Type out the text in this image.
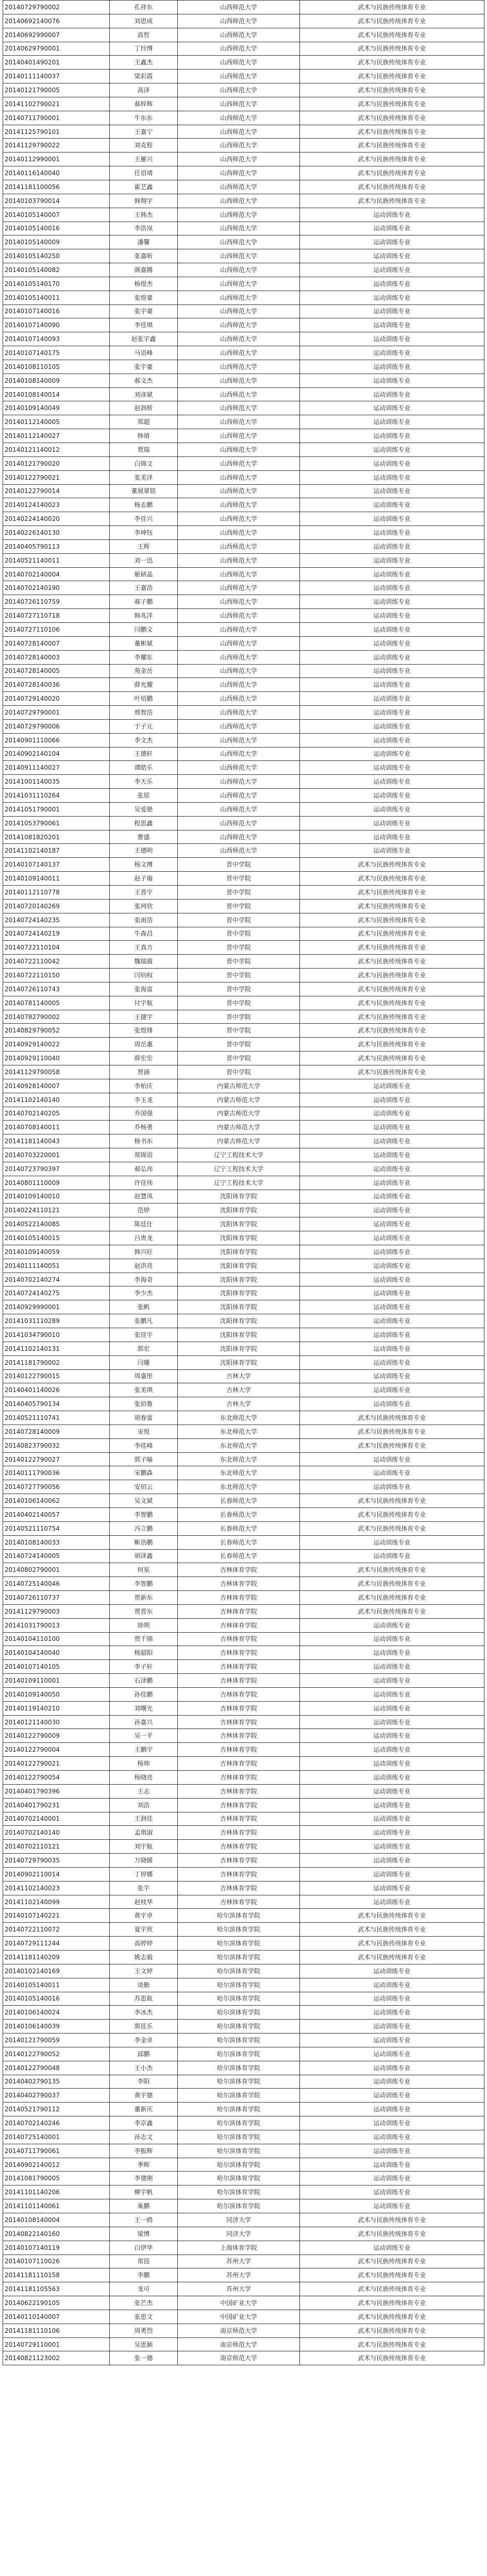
20140729790002	孔祥东	山西师范大学	武术与民族传统体育专业
20140692140076	刘思成	山西师范大学	武术与民族传统体育专业
20140692990007	高哲	山西师范大学	武术与民族传统体育专业
20140629790001	丁玲博	山西师范大学	武术与民族传统体育专业
20140401490201	王鑫杰	山西师范大学	武术与民族传统体育专业
20140111140037	梁彩霞	山西师范大学	武术与民族传统体育专业
20140121790005	高泽	山西师范大学	武术与民族传统体育专业
20141102790021	郝梓辉	山西师范大学	武术与民族传统体育专业
20140711790001	牛东东	山西师范大学	武术与民族传统体育专业
20141125790101	王嘉宁	山西师范大学	武术与民族传统体育专业
20141129790022	刘克程	山西师范大学	武术与民族传统体育专业
20140112990001	王雁兴	山西师范大学	武术与民族传统体育专业
20140116140040	任语靖	山西师范大学	武术与民族传统体育专业
20141181100056	霍艺鑫	山西师范大学	武术与民族传统体育专业
20140103790014	韩翔宇	山西师范大学	武术与民族传统体育专业
20140105140007	王韩杰	山西师范大学	运动训练专业
20140105140016	李浩岚	山西师范大学	运动训练专业
20140105140009	潘馨	山西师范大学	运动训练专业
20140105140250	张嘉昕	山西师范大学	运动训练专业
20140105140082	颜嘉腾	山西师范大学	运动训练专业
20140105140170	杨煜杰	山西师范大学	运动训练专业
20140105140011	张煜豪	山西师范大学	运动训练专业
20140107140016	张宇豪	山西师范大学	运动训练专业
20140107140090	李佳琪	山西师范大学	运动训练专业
20140107140093	赵张宇鑫	山西师范大学	运动训练专业
20140107140175	马语峰	山西师范大学	运动训练专业
20140108110105	张宇豪	山西师范大学	运动训练专业
20140108140009	郝文杰	山西师范大学	运动训练专业
20140108140014	刘彦斌	山西师范大学	运动训练专业
20140109140049	赵润桥	山西师范大学	运动训练专业
20140112140005	郑超	山西师范大学	运动训练专业
20140112140027	韩倩	山西师范大学	运动训练专业
20140121140012	贾瑞	山西师范大学	运动训练专业
20140121790020	白锦文	山西师范大学	运动训练专业
20140122790021	张美泽	山西师范大学	运动训练专业
20140122790014	董展翠铭	山西师范大学	运动训练专业
20140124140023	杨志鹏	山西师范大学	运动训练专业
20140224140020	李佳兴	山西师范大学	运动训练专业
20140226140130	李坤钰	山西师范大学	运动训练专业
20140405790113	王辉	山西师范大学	运动训练专业
20140521140011	刘一迅	山西师范大学	运动训练专业
20140702140004	姬研晶	山西师范大学	运动训练专业
20140702140190	王嘉浩	山西师范大学	运动训练专业
20140726110759	郝子鹏	山西师范大学	运动训练专业
20140727110718	韩兆洋	山西师范大学	运动训练专业
20140727110106	闫鹏文	山西师范大学	运动训练专业
20140728140007	董彬斌	山西师范大学	运动训练专业
20140728140003	李耀东	山西师范大学	运动训练专业
20140728140005	苑金岳	山西师范大学	运动训练专业
20140728140036	薛允耀	山西师范大学	运动训练专业
20140729140020	叶培鹏	山西师范大学	运动训练专业
20140729790001	邢智浩	山西师范大学	运动训练专业
20140729790006	于子元	山西师范大学	运动训练专业
20140901110066	李文杰	山西师范大学	运动训练专业
20140902140104	王德轩	山西师范大学	运动训练专业
20140911140027	谭皓乐	山西师范大学	运动训练专业
20141001140035	李天乐	山西师范大学	运动训练专业
20141031110264	张原	山西师范大学	运动训练专业
20141051790001	吴爱艳	山西师范大学	运动训练专业
20141053790061	程思鑫	山西师范大学	运动训练专业
20141081820201	曹盛	山西师范大学	运动训练专业
20141102140187	王德明	山西师范大学	运动训练专业
20140107140137	杨文博	晋中学院	武术与民族传统体育专业
20140109140011	赵子瑜	晋中学院	武术与民族传统体育专业
20140112110778	王晋宇	晋中学院	武术与民族传统体育专业
20140720140269	张珂欣	晋中学院	武术与民族传统体育专业
20140724140235	张雨浩	晋中学院	武术与民族传统体育专业
20140724140219	牛森昌	晋中学院	武术与民族传统体育专业
20140722110104	王真方	晋中学院	武术与民族传统体育专业
20140722110042	魏瑞震	晋中学院	武术与民族传统体育专业
20140722110150	闫钧权	晋中学院	武术与民族传统体育专业
20140726110743	张海富	晋中学院	武术与民族传统体育专业
20140781140005	付宇航	晋中学院	武术与民族传统体育专业
20140782790002	王捷宇	晋中学院	武术与民族传统体育专业
20140829790052	张煜烽	晋中学院	武术与民族传统体育专业
20140929140022	周岳惠	晋中学院	武术与民族传统体育专业
20140929110040	薛宏宏	晋中学院	武术与民族传统体育专业
20141129790058	贾涵	晋中学院	武术与民族传统体育专业
20140928140007	李柏庆	内蒙古师范大学	运动训练专业
20141102140140	李玉龙	内蒙古师范大学	运动训练专业
20140702140205	乔国强	内蒙古师范大学	运动训练专业
20140708140011	乔杨勇	内蒙古师范大学	运动训练专业
20141181140043	杨书东	内蒙古师范大学	运动训练专业
20140703220001	郑锦语	辽宁工程技术大学	运动训练专业
20140723790397	郝弘伟	辽宁工程技术大学	运动训练专业
20140801110009	许佳伟	辽宁工程技术大学	运动训练专业
20140109140010	赵慧凤	沈阳体育学院	运动训练专业
20140224110121	范婷	沈阳体育学院	运动训练专业
20140522140085	陈廷仕	沈阳体育学院	运动训练专业
20140105140015	吕贵龙	沈阳体育学院	运动训练专业
20140109140059	韩兴旺	沈阳体育学院	运动训练专业
20140111140051	赵洪亮	沈阳体育学院	运动训练专业
20140702140274	李海奇	沈阳体育学院	运动训练专业
20140724140275	李少杰	沈阳体育学院	运动训练专业
20140929990001	张帆	沈阳体育学院	运动训练专业
20141031110289	张鹏凡	沈阳体育学院	运动训练专业
20141034790010	张佳宇	沈阳体育学院	运动训练专业
20141102140131	郭宏	沈阳体育学院	运动训练专业
20141181790002	闫珊	沈阳体育学院	运动训练专业
20140122790015	周嘉彤	吉林大学	运动训练专业
20140401140026	张美琪	吉林大学	运动训练专业
20140405790134	张佰鲁	吉林大学	运动训练专业
20140521110741	胡春雷	东北师范大学	武术与民族传统体育专业
20140728140009	宋悦	东北师范大学	武术与民族传统体育专业
20140823790032	李佳峰	东北师范大学	武术与民族传统体育专业
20140122790027	郭子喻	东北师范大学	运动训练专业
20140111790036	宋鹏森	东北师范大学	运动训练专业
20140727790056	安佰云	东北师范大学	运动训练专业
20140106140062	吴文斌	长春师范大学	武术与民族传统体育专业
20140402140057	李智鹏	长春师范大学	武术与民族传统体育专业
20140521110754	冯立鹏	长春师范大学	武术与民族传统体育专业
20140108140033	靳浩鹏	长春师范大学	运动训练专业
20140724140005	胡泽鑫	长春师范大学	运动训练专业
20140802790001	何星	吉林体育学院	武术与民族传统体育专业
20140725140046	李智鹏	吉林体育学院	武术与民族传统体育专业
20140726110737	贾新东	吉林体育学院	武术与民族传统体育专业
20141129790003	贾晋东	吉林体育学院	武术与民族传统体育专业
20141031790013	徐朔	吉林体育学院	运动训练专业
20140104110100	贾千锦	吉林体育学院	运动训练专业
20140104140040	杨韶阳	吉林体育学院	运动训练专业
20140107140105	李子轩	吉林体育学院	运动训练专业
20140109110001	石泽鹏	吉林体育学院	运动训练专业
20140109140050	孙佳鹏	吉林体育学院	运动训练专业
20140119140210	刘曙光	吉林体育学院	运动训练专业
20140121140030	孙嘉兴	吉林体育学院	运动训练专业
20140122790009	吴一平	吉林体育学院	运动训练专业
20140122790004	王鹏宇	吉林体育学院	运动训练专业
20140122790021	杨帅	吉林体育学院	运动训练专业
20140122790054	杨晓亮	吉林体育学院	运动训练专业
20140401790396	王志	吉林体育学院	运动训练专业
20140401790231	刘浩	吉林体育学院	运动训练专业
20140702140001	王润佳	吉林体育学院	运动训练专业
20140702140140	孟琪淑	吉林体育学院	运动训练专业
20140702110121	刘宇航	吉林体育学院	运动训练专业
20140729790035	万晓媛	吉林体育学院	运动训练专业
20140902110014	丁停娜	吉林体育学院	运动训练专业
20141102140023	张宇	吉林体育学院	运动训练专业
20141102140099	赵枝华	吉林体育学院	运动训练专业
20140107140221	黄宇卓	哈尔滨体育学院	武术与民族传统体育专业
20140722110072	夏宇欣	哈尔滨体育学院	武术与民族传统体育专业
20140729111244	高婷婷	哈尔滨体育学院	武术与民族传统体育专业
20141181140209	姚志毅	哈尔滨体育学院	武术与民族传统体育专业
20140102140169	王文婷	哈尔滨体育学院	运动训练专业
20140105140011	谈勤	哈尔滨体育学院	运动训练专业
20140105140016	苏思航	哈尔滨体育学院	运动训练专业
20140106140024	李冰杰	哈尔滨体育学院	运动训练专业
20140106140039	郭佳乐	哈尔滨体育学院	运动训练专业
20140121790059	李金卓	哈尔滨体育学院	运动训练专业
20140122790052	邱鹏	哈尔滨体育学院	运动训练专业
20140122790048	王小杰	哈尔滨体育学院	运动训练专业
20140402790135	李阳	哈尔滨体育学院	运动训练专业
20140402790037	黄宇德	哈尔滨体育学院	运动训练专业
20140521790112	董新庆	哈尔滨体育学院	运动训练专业
20140702140246	李京鑫	哈尔滨体育学院	运动训练专业
20140725140001	孙志文	哈尔滨体育学院	运动训练专业
20140711790061	李振辉	哈尔滨体育学院	运动训练专业
20140902140012	季辉	哈尔滨体育学院	运动训练专业
20141081790005	李建刚	哈尔滨体育学院	运动训练专业
20141101140206	柳宇帆	哈尔滨体育学院	运动训练专业
20141101140061	巢鹏	哈尔滨体育学院	运动训练专业
20140108140004	王一鸥	同济大学	武术与民族传统体育专业
20140822140160	梁博	同济大学	武术与民族传统体育专业
20140107140119	白伊华	上海体育学院	运动训练专业
20140107110026	常昆	苏州大学	武术与民族传统体育专业
20141181110158	李鹏	苏州大学	武术与民族传统体育专业
20141181105563	龙可	苏州大学	武术与民族传统体育专业
20140622190105	张芒杰	中国矿业大学	武术与民族传统体育专业
20140110140007	张思文	中国矿业大学	武术与民族传统体育专业
20141181110106	周勇烈	南京师范大学	武术与民族传统体育专业
20140729110001	吴思颖	南京师范大学	武术与民族传统体育专业
20140821123002	张一德	南京师范大学	武术与民族传统体育专业
